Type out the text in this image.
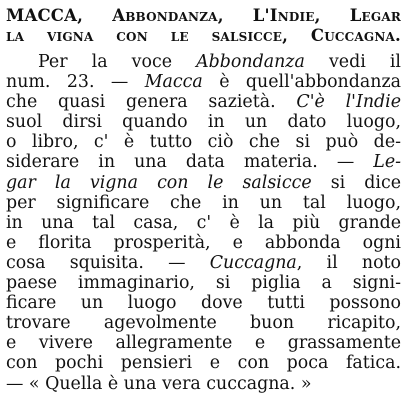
MACCA, Abbondanza, L'Indie, Legar
la vigna con le salsicce, Cuccagna.
Per la voce Abbondanza vedi il
num. 23. — Macca è quell'abbondanza
che quasi genera sazietà. C'è l'Indie
suol dirsi quando in un dato luogo,
o libro, c' è tutto ciò che si può de-
siderare in una data materia. — Le-
gar la vigna con le salsicce si dice
per significare che in un tal luogo,
in una tal casa, c' è la più grande
e florita prosperità, e abbonda ogni
cosa squisita. — Cuccagna, il noto
paese immaginario, si piglia a signi-
ficare un luogo dove tutti possono
trovare agevolmente buon ricapito,
e vivere allegramente e grassamente
con pochi pensieri e con poca fatica.
— « Quella è una vera cuccagna. »
